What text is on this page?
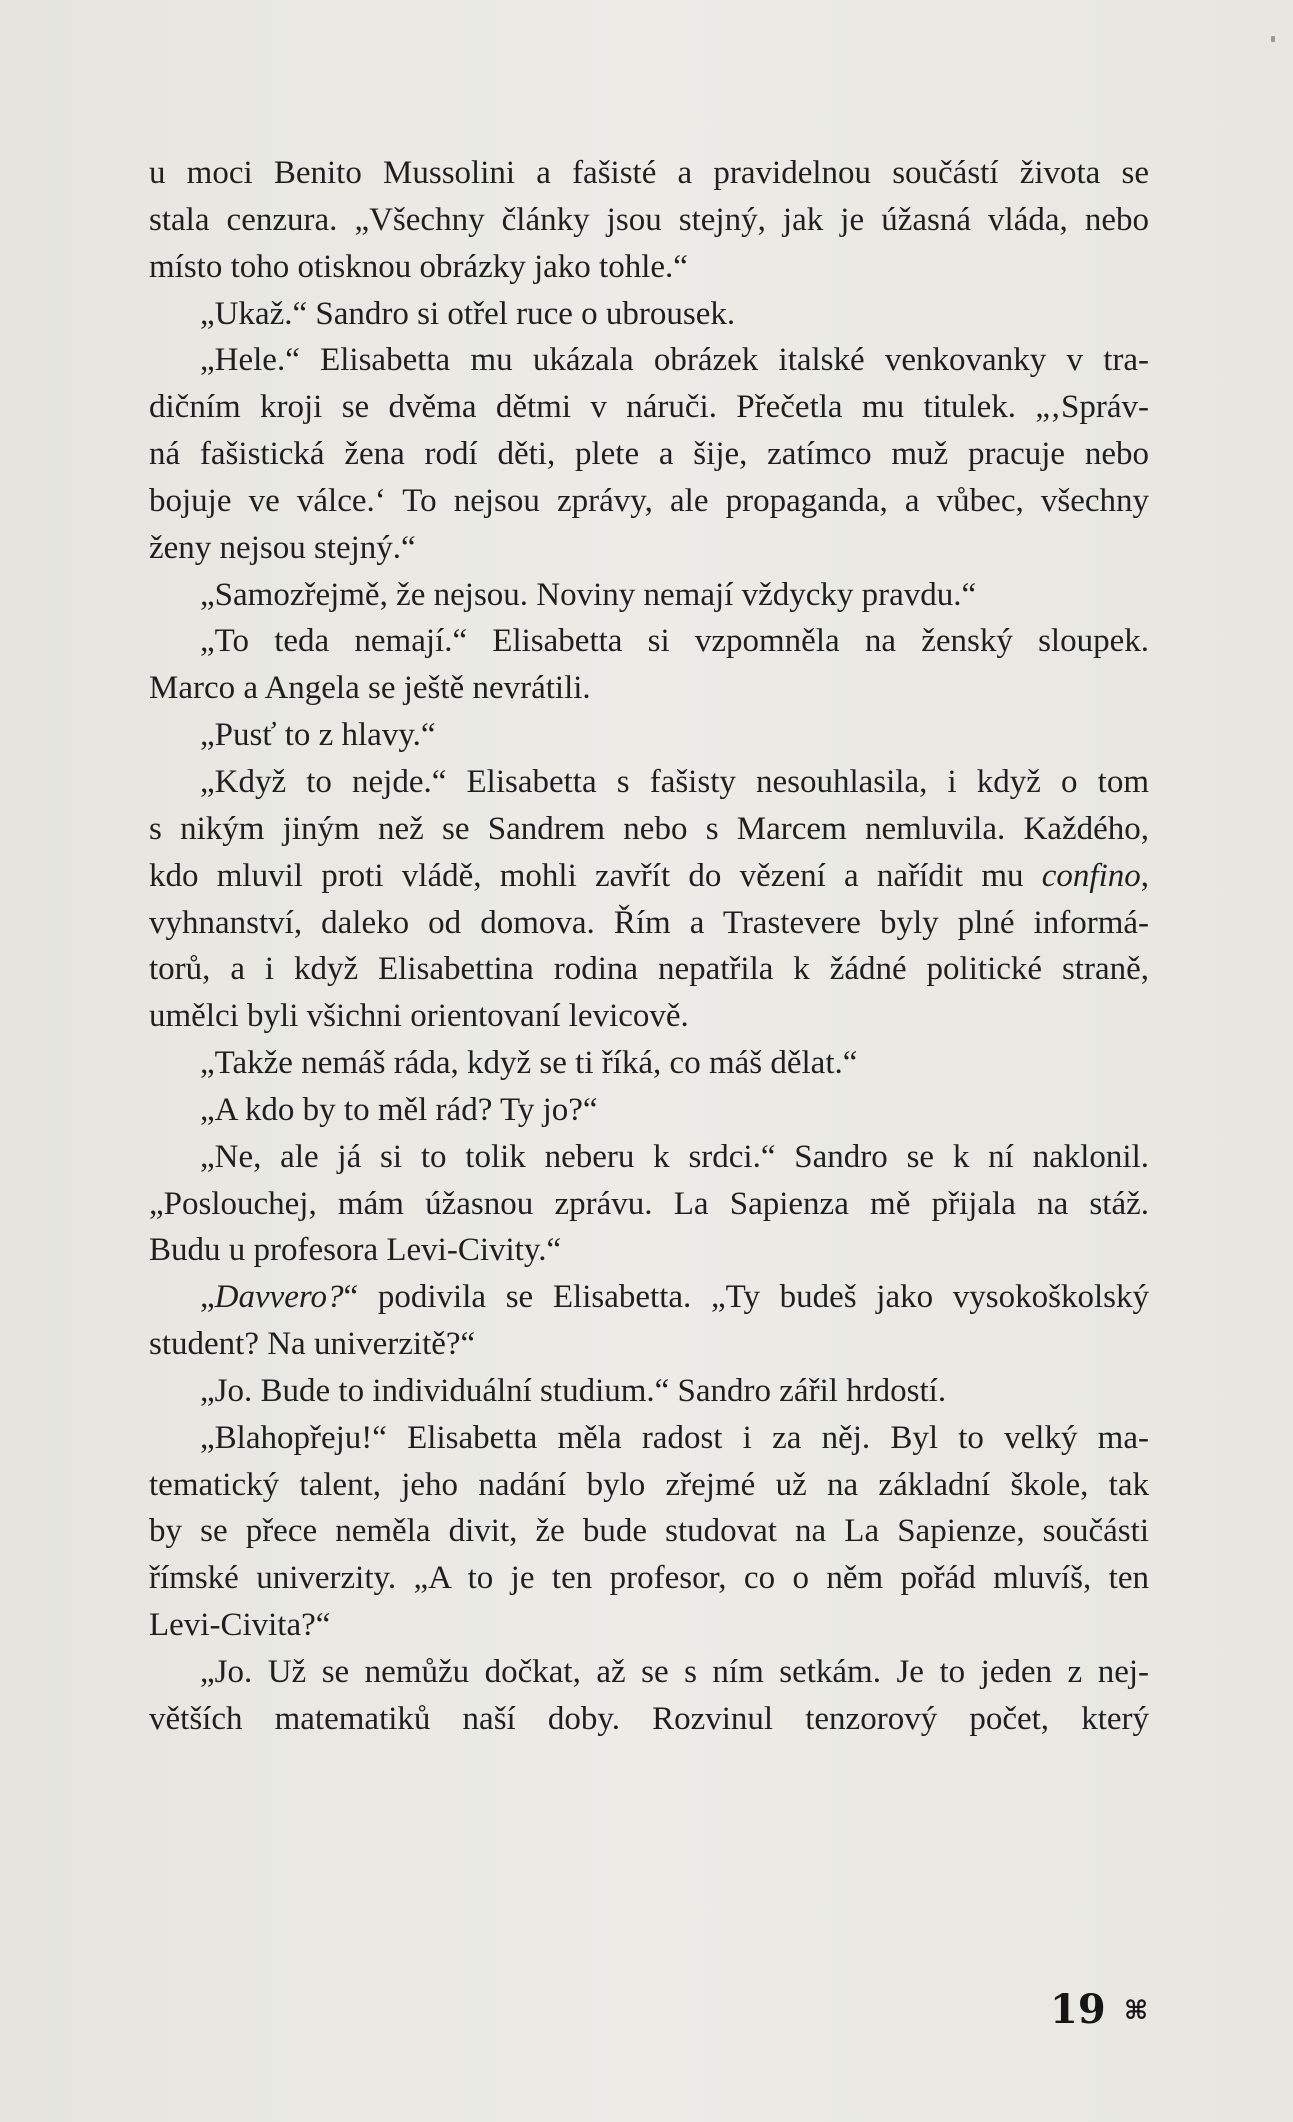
u moci Benito Mussolini a fašisté a pravidelnou součástí života se
stala cenzura. „Všechny články jsou stejný, jak je úžasná vláda, nebo
místo toho otisknou obrázky jako tohle.“
„Ukaž.“ Sandro si otřel ruce o ubrousek.
„Hele.“ Elisabetta mu ukázala obrázek italské venkovanky v tra-
dičním kroji se dvěma dětmi v náruči. Přečetla mu titulek. „‚Správ-
ná fašistická žena rodí děti, plete a šije, zatímco muž pracuje nebo
bojuje ve válce.‘ To nejsou zprávy, ale propaganda, a vůbec, všechny
ženy nejsou stejný.“
„Samozřejmě, že nejsou. Noviny nemají vždycky pravdu.“
„To teda nemají.“ Elisabetta si vzpomněla na ženský sloupek.
Marco a Angela se ještě nevrátili.
„Pusť to z hlavy.“
„Když to nejde.“ Elisabetta s fašisty nesouhlasila, i když o tom
s nikým jiným než se Sandrem nebo s Marcem nemluvila. Každého,
kdo mluvil proti vládě, mohli zavřít do vězení a nařídit mu confino,
vyhnanství, daleko od domova. Řím a Trastevere byly plné informá-
torů, a i když Elisabettina rodina nepatřila k žádné politické straně,
umělci byli všichni orientovaní levicově.
„Takže nemáš ráda, když se ti říká, co máš dělat.“
„A kdo by to měl rád? Ty jo?“
„Ne, ale já si to tolik neberu k srdci.“ Sandro se k ní naklonil.
„Poslouchej, mám úžasnou zprávu. La Sapienza mě přijala na stáž.
Budu u profesora Levi-Civity.“
„Davvero?“ podivila se Elisabetta. „Ty budeš jako vysokoškolský
student? Na univerzitě?“
„Jo. Bude to individuální studium.“ Sandro zářil hrdostí.
„Blahopřeju!“ Elisabetta měla radost i za něj. Byl to velký ma-
tematický talent, jeho nadání bylo zřejmé už na základní škole, tak
by se přece neměla divit, že bude studovat na La Sapienze, součásti
římské univerzity. „A to je ten profesor, co o něm pořád mluvíš, ten
Levi-Civita?“
„Jo. Už se nemůžu dočkat, až se s ním setkám. Je to jeden z nej-
větších matematiků naší doby. Rozvinul tenzorový počet, který
19 ⌘
